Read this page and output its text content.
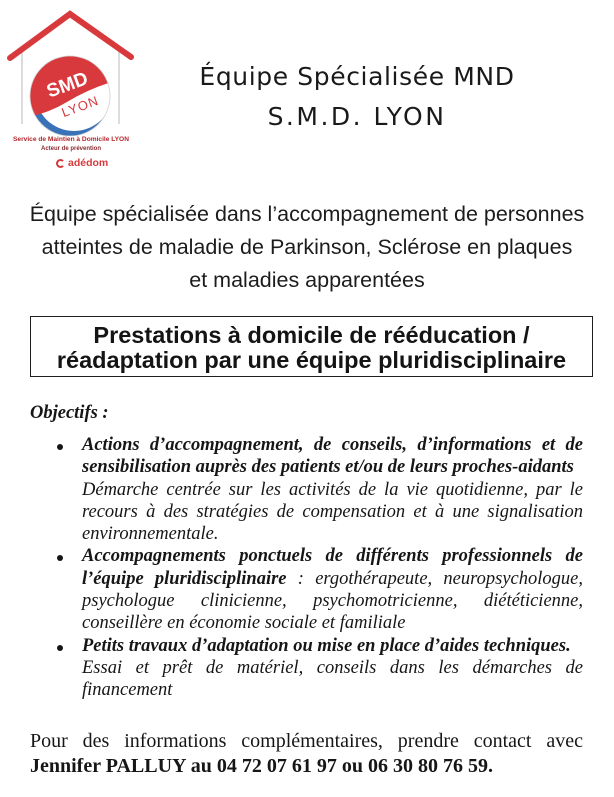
SMD
LYON
Service de Maintien à Domicile LYON
Acteur de prévention
adédom
Équipe Spécialisée MND
S.M.D. LYON
Équipe spécialisée dans l’accompagnement de personnes
atteintes de maladie de Parkinson, Sclérose en plaques
et maladies apparentées
Prestations à domicile de rééducation /
réadaptation par une équipe pluridisciplinaire
Objectifs :
Actions d’accompagnement, de conseils, d’informations et de sensibilisation auprès des patients et/ou de leurs proches-aidants
Démarche centrée sur les activités de la vie quotidienne, par le recours à des stratégies de compensation et à une signalisation environnementale.
Accompagnements ponctuels de différents professionnels de l’équipe pluridisciplinaire : ergothérapeute, neuropsychologue, psychologue clinicienne, psychomotricienne, diététicienne, conseillère en économie sociale et familiale
Petits travaux d’adaptation ou mise en place d’aides techniques.
Essai et prêt de matériel, conseils dans les démarches de financement
Pour des informations complémentaires, prendre contact avec
Jennifer PALLUY au 04 72 07 61 97 ou 06 30 80 76 59.
